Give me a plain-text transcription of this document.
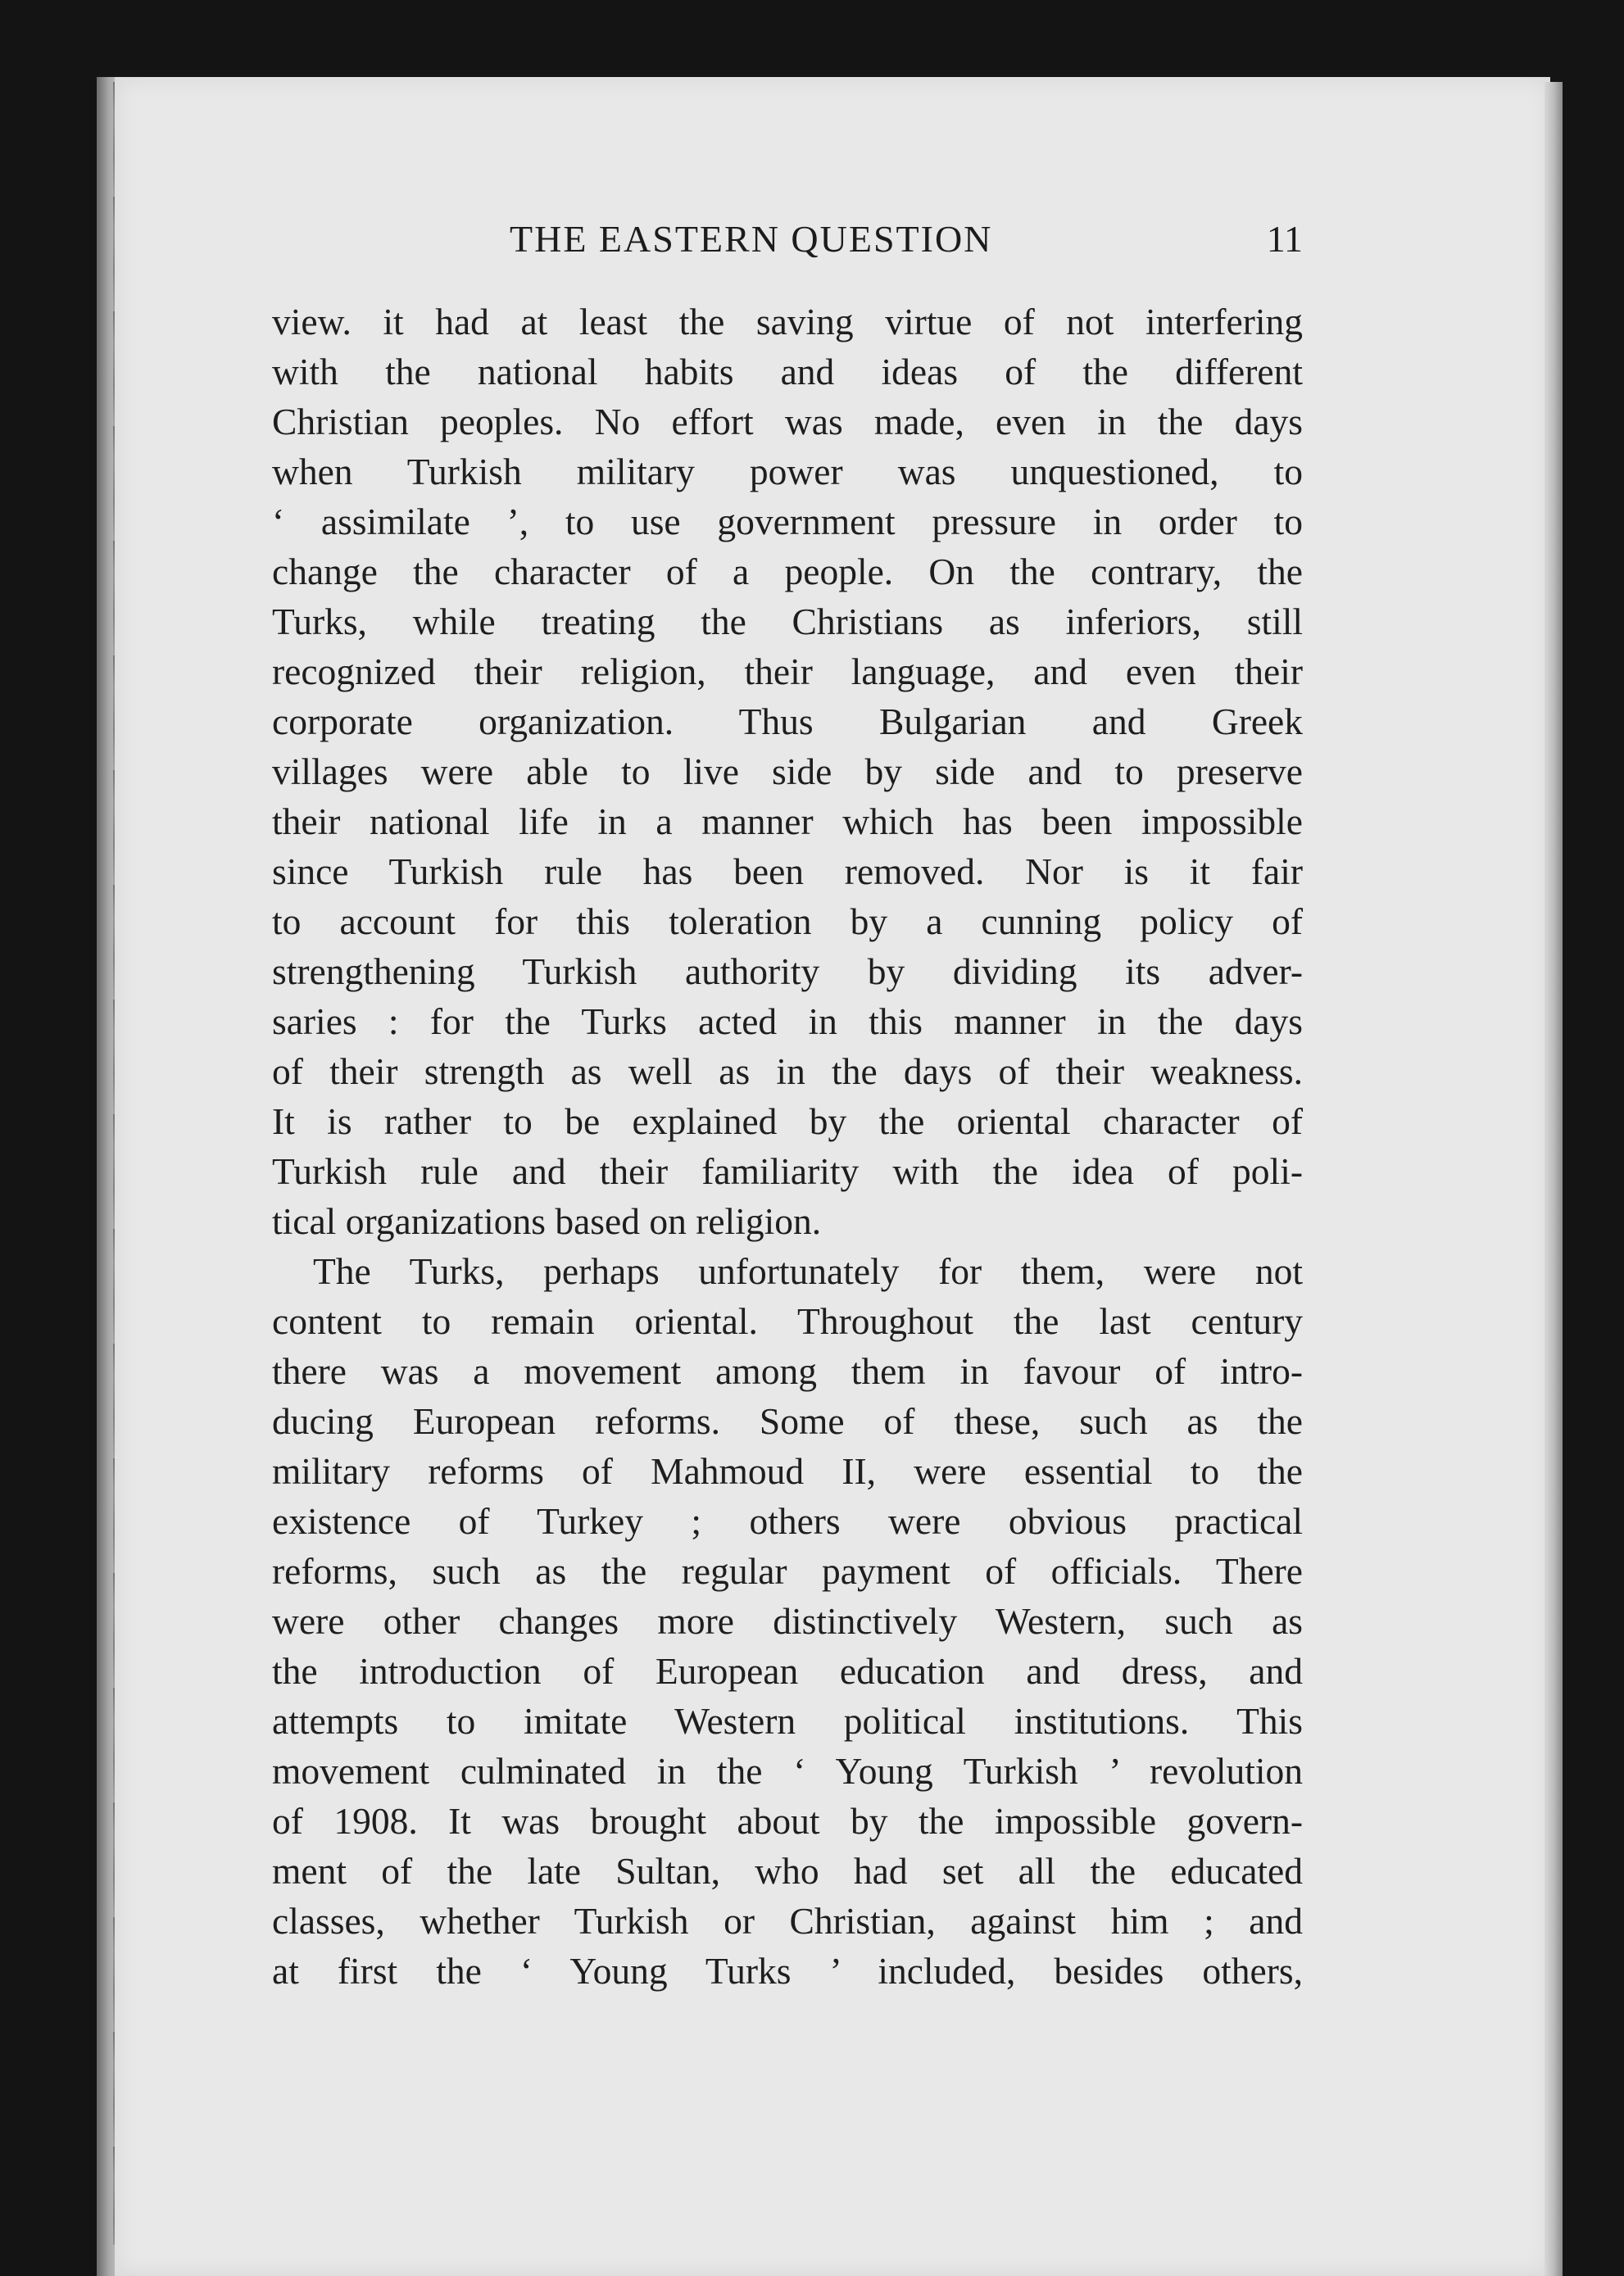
THE EASTERN QUESTION	11
view. it had at least the saving virtue of not interfering
with the national habits and ideas of the different
Christian peoples. No effort was made, even in the days
when Turkish military power was unquestioned, to
‘ assimilate ’, to use government pressure in order to
change the character of a people. On the contrary, the
Turks, while treating the Christians as inferiors, still
recognized their religion, their language, and even their
corporate organization. Thus Bulgarian and Greek
villages were able to live side by side and to preserve
their national life in a manner which has been impossible
since Turkish rule has been removed. Nor is it fair
to account for this toleration by a cunning policy of
strengthening Turkish authority by dividing its adver-
saries : for the Turks acted in this manner in the days
of their strength as well as in the days of their weakness.
It is rather to be explained by the oriental character of
Turkish rule and their familiarity with the idea of poli-
tical organizations based on religion.
The Turks, perhaps unfortunately for them, were not
content to remain oriental. Throughout the last century
there was a movement among them in favour of intro-
ducing European reforms. Some of these, such as the
military reforms of Mahmoud II, were essential to the
existence of Turkey ; others were obvious practical
reforms, such as the regular payment of officials. There
were other changes more distinctively Western, such as
the introduction of European education and dress, and
attempts to imitate Western political institutions. This
movement culminated in the ‘ Young Turkish ’ revolution
of 1908. It was brought about by the impossible govern-
ment of the late Sultan, who had set all the educated
classes, whether Turkish or Christian, against him ; and
at first the ‘ Young Turks ’ included, besides others,
